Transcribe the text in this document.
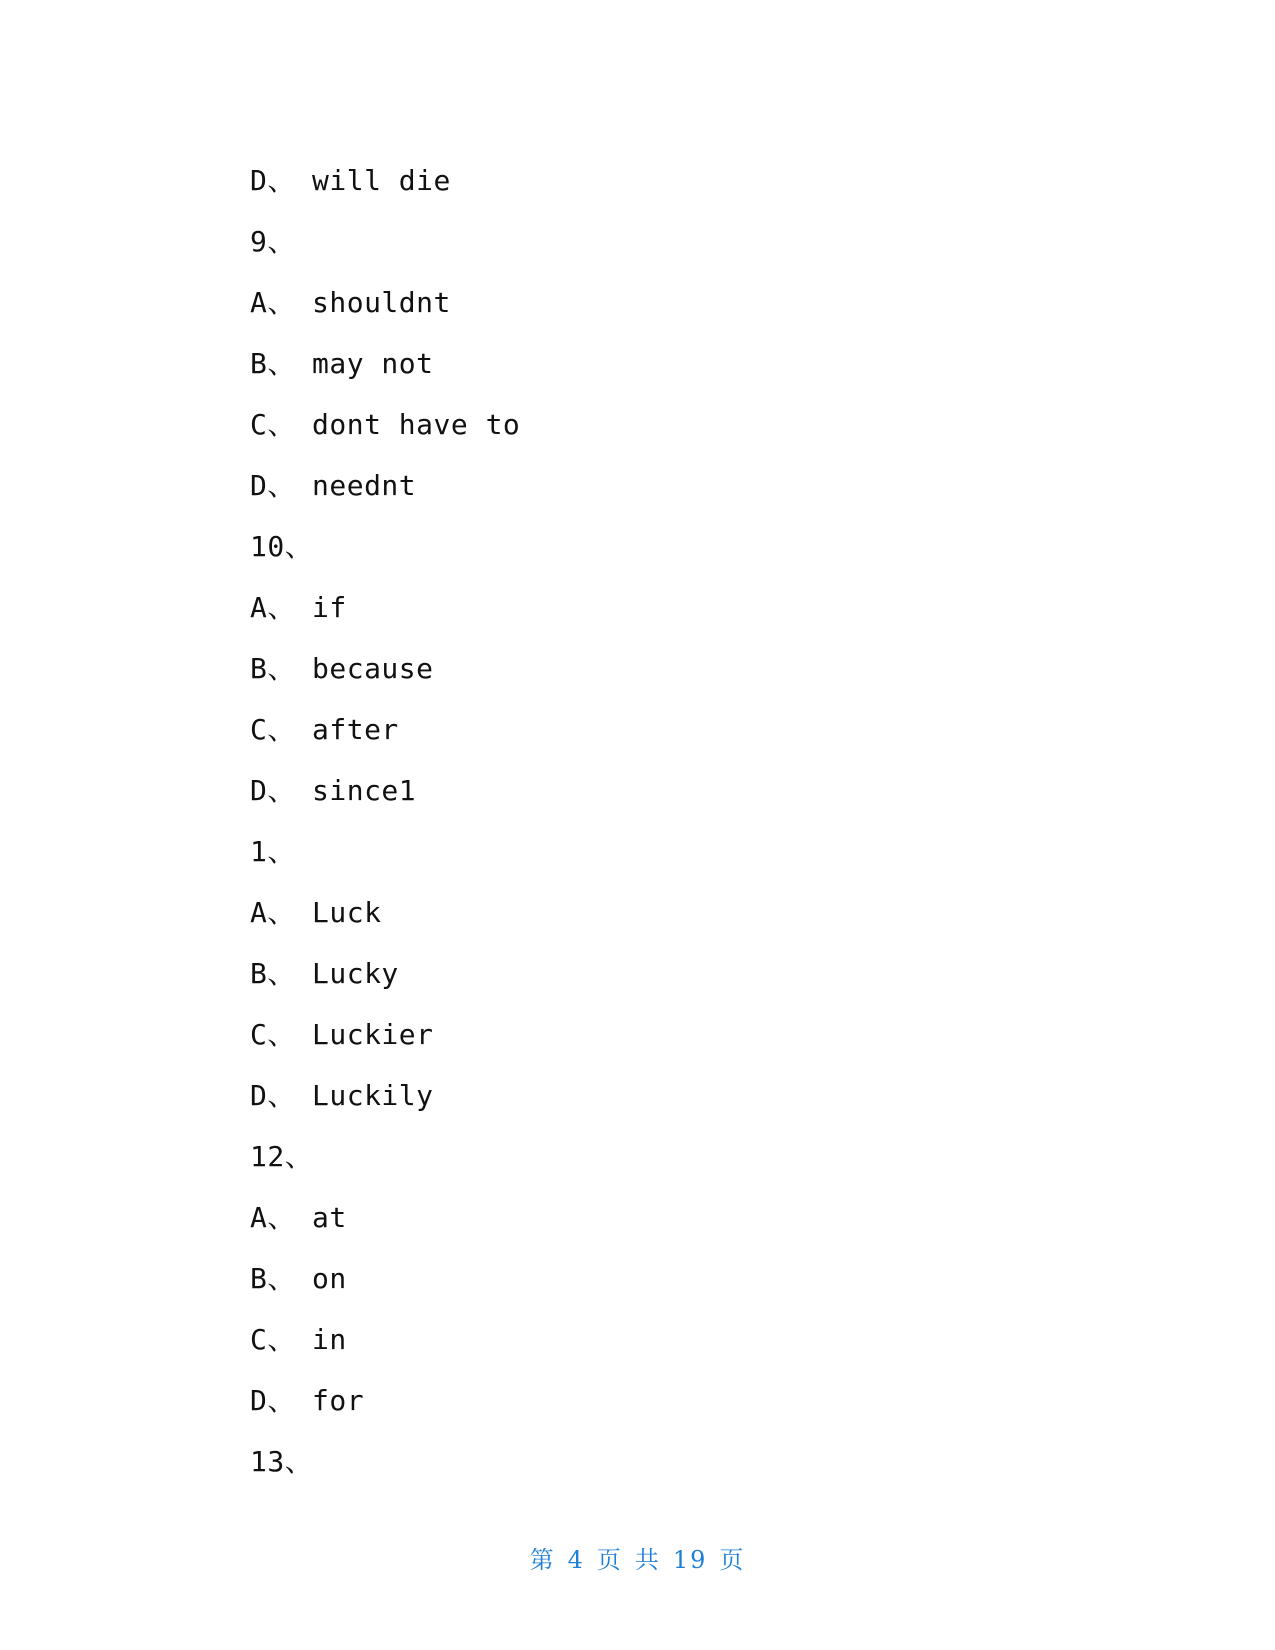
D、 will die
9、
A、 shouldnt
B、 may not
C、 dont have to
D、 neednt
10、
A、 if
B、 because
C、 after
D、 since1
1、
A、 Luck
B、 Lucky
C、 Luckier
D、 Luckily
12、
A、 at
B、 on
C、 in
D、 for
13、
第 4 页 共 19 页
